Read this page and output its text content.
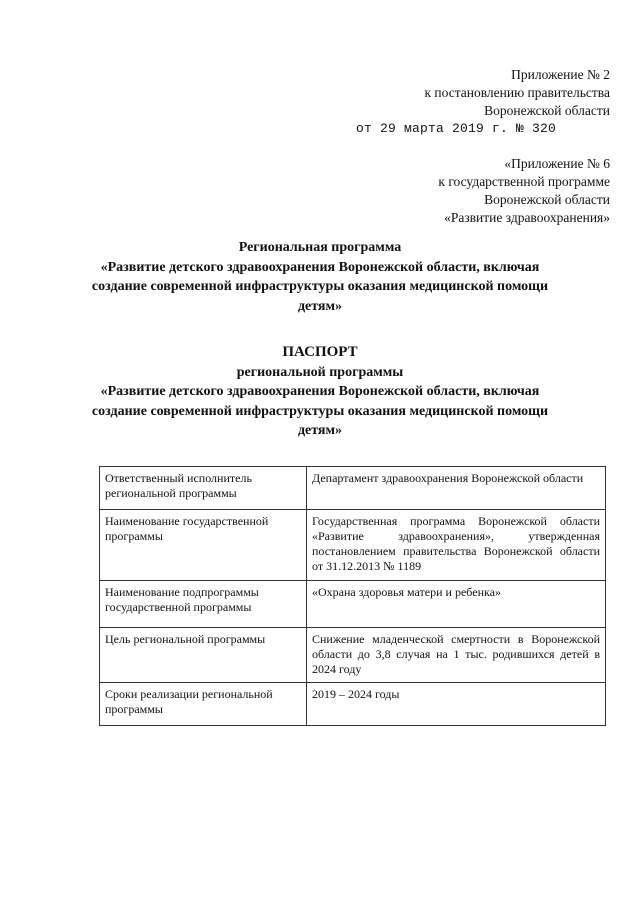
Приложение № 2
к постановлению правительства
Воронежской области
от 29 марта 2019 г. № 320
«Приложение № 6
к государственной программе
Воронежской области
«Развитие здравоохранения»
Региональная программа
«Развитие детского здравоохранения Воронежской области, включая
создание современной инфраструктуры оказания медицинской помощи
детям»
ПАСПОРТ
региональной программы
«Развитие детского здравоохранения Воронежской области, включая
создание современной инфраструктуры оказания медицинской помощи
детям»
Ответственный исполнитель региональной программы	Департамент здравоохранения Воронежской области
Наименование государственной программы	Государственная программа Воронежской области «Развитие здравоохранения», утвержденная постановлением правительства Воронежской области от 31.12.2013 № 1189
Наименование подпрограммы государственной программы	«Охрана здоровья матери и ребенка»
Цель региональной программы	Снижение младенческой смертности в Воронежской области до 3,8 случая на 1 тыс. родившихся детей в 2024 году
Сроки реализации региональной программы	2019 – 2024 годы
